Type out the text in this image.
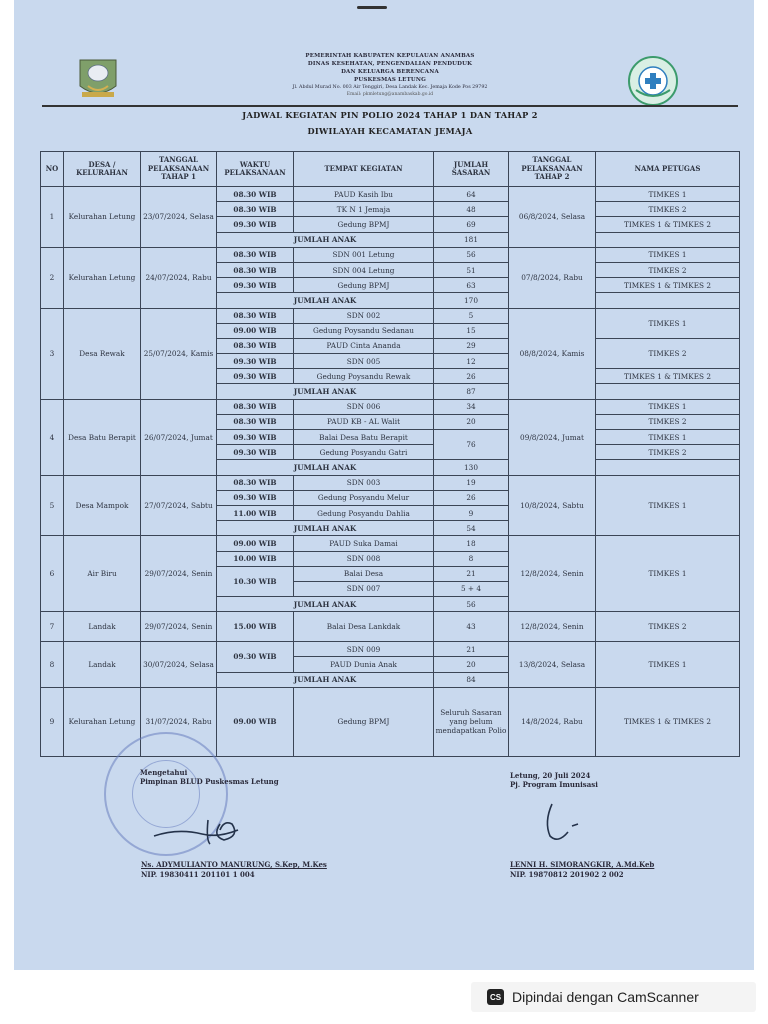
PEMERINTAH KABUPATEN KEPULAUAN ANAMBAS
DINAS KESEHATAN, PENGENDALIAN PENDUDUK
DAN KELUARGA BERENCANA
PUSKESMAS LETUNG
Jl. Abdul Murad No. 003 Air Tenggiri, Desa Landak Kec. Jemaja Kode Pos 29792
Email: pkmletung@anambaskab.go.id
JADWAL KEGIATAN PIN POLIO 2024 TAHAP 1 DAN TAHAP 2
DIWILAYAH KECAMATAN JEMAJA
NO	DESA / KELURAHAN	TANGGAL PELAKSANAAN TAHAP 1	WAKTU PELAKSANAAN	TEMPAT KEGIATAN	JUMLAH SASARAN	TANGGAL PELAKSANAAN TAHAP 2	NAMA PETUGAS
1	Kelurahan Letung	23/07/2024, Selasa	08.30 WIB	PAUD Kasih Ibu	64	06/8/2024, Selasa	TIMKES 1
			08.30 WIB	TK N 1 Jemaja	48		TIMKES 2
			09.30 WIB	Gedung BPMJ	69		TIMKES 1 & TIMKES 2
			JUMLAH ANAK		181		
2	Kelurahan Letung	24/07/2024, Rabu	08.30 WIB	SDN 001 Letung	56	07/8/2024, Rabu	TIMKES 1
			08.30 WIB	SDN 004 Letung	51		TIMKES 2
			09.30 WIB	Gedung BPMJ	63		TIMKES 1 & TIMKES 2
			JUMLAH ANAK		170		
3	Desa Rewak	25/07/2024, Kamis	08.30 WIB	SDN 002	5	08/8/2024, Kamis	TIMKES 1
			09.00 WIB	Gedung Poysandu Sedanau	15		
			08.30 WIB	PAUD Cinta Ananda	29		TIMKES 2
			09.30 WIB	SDN 005	12		
			09.30 WIB	Gedung Poysandu Rewak	26		TIMKES 1 & TIMKES 2
			JUMLAH ANAK		87		
4	Desa Batu Berapit	26/07/2024, Jumat	08.30 WIB	SDN 006	34	09/8/2024, Jumat	TIMKES 1
			08.30 WIB	PAUD KB - AL Walit	20		TIMKES 2
			09.30 WIB	Balai Desa Batu Berapit	76		TIMKES 1
			09.30 WIB	Gedung Posyandu Gatri			TIMKES 2
			JUMLAH ANAK		130		
5	Desa Mampok	27/07/2024, Sabtu	08.30 WIB	SDN 003	19	10/8/2024, Sabtu	TIMKES 1
			09.30 WIB	Gedung Posyandu Melur	26		
			11.00 WIB	Gedung Posyandu Dahlia	9		
			JUMLAH ANAK		54		
6	Air Biru	29/07/2024, Senin	09.00 WIB	PAUD Suka Damai	18	12/8/2024, Senin	TIMKES 1
			10.00 WIB	SDN 008	8		
			10.30 WIB	Balai Desa	21		
				SDN 007	5 + 4		
			JUMLAH ANAK		56		
7	Landak	29/07/2024, Senin	15.00 WIB	Balai Desa Lankdak	43	12/8/2024, Senin	TIMKES 2
8	Landak	30/07/2024, Selasa	09.30 WIB	SDN 009	21	13/8/2024, Selasa	TIMKES 1
				PAUD Dunia Anak	20		
			JUMLAH ANAK		84		
9	Kelurahan Letung	31/07/2024, Rabu	09.00 WIB	Gedung BPMJ	Seluruh Sasaran yang belum mendapatkan Polio	14/8/2024, Rabu	TIMKES 1 & TIMKES 2
Mengetahui
Pimpinan BLUD Puskesmas Letung
Ns. ADYMULIANTO MANURUNG, S.Kep, M.Kes
NIP. 19830411 201101 1 004
Letung, 20 Juli 2024
Pj. Program Imunisasi
LENNI H. SIMORANGKIR, A.Md.Keb
NIP. 19870812 201902 2 002
CS Dipindai dengan CamScanner
